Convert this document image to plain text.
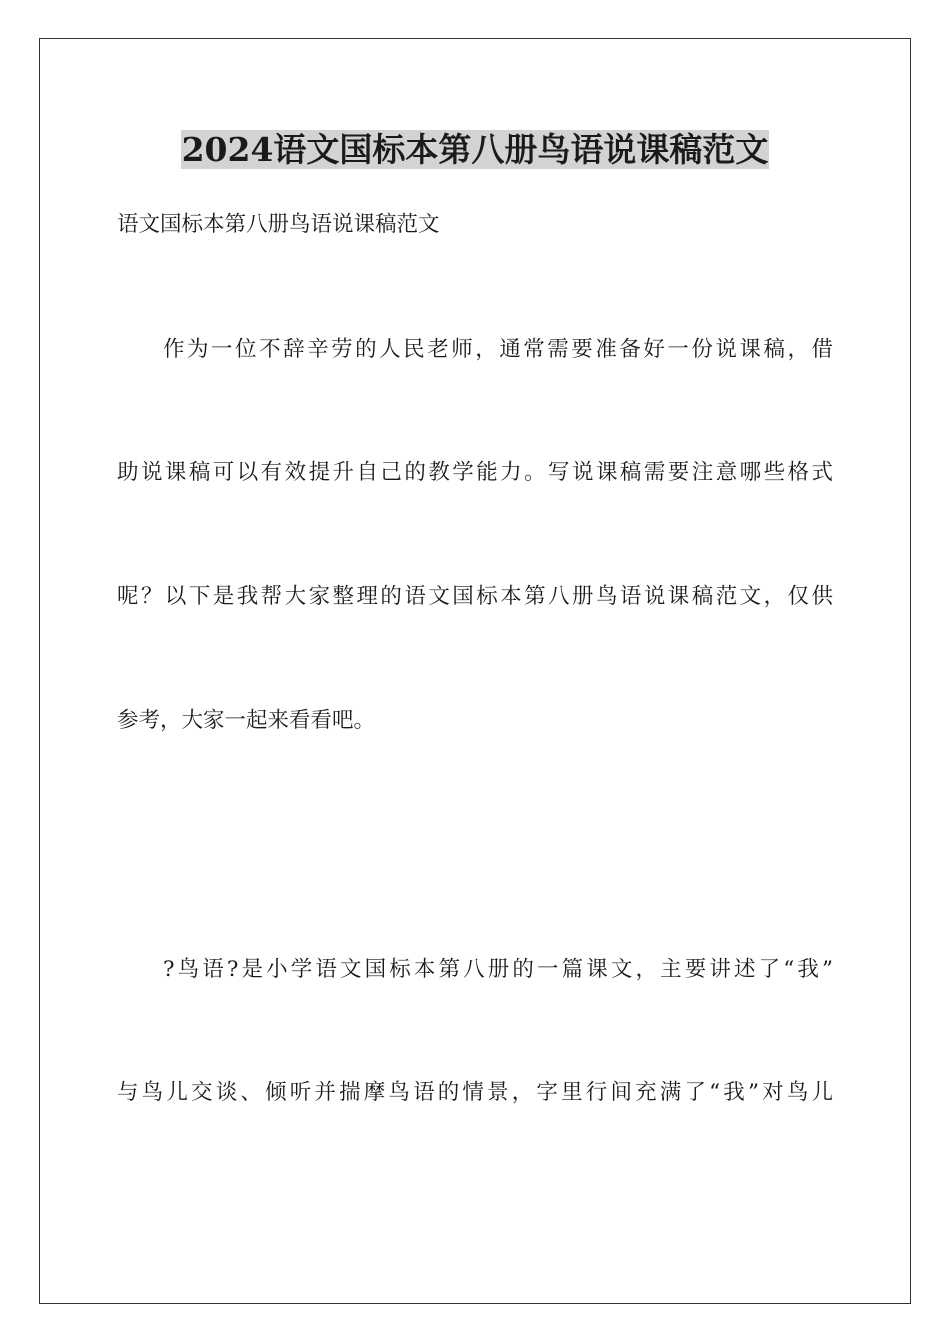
2024语文国标本第八册鸟语说课稿范文

语文国标本第八册鸟语说课稿范文

作为一位不辞辛劳的人民老师，通常需要准备好一份说课稿，借

助说课稿可以有效提升自己的教学能力。写说课稿需要注意哪些格式

呢？以下是我帮大家整理的语文国标本第八册鸟语说课稿范文，仅供

参考，大家一起来看看吧。

?鸟语?是小学语文国标本第八册的一篇课文，主要讲述了“我”

与鸟儿交谈、倾听并揣摩鸟语的情景，字里行间充满了“我”对鸟儿
